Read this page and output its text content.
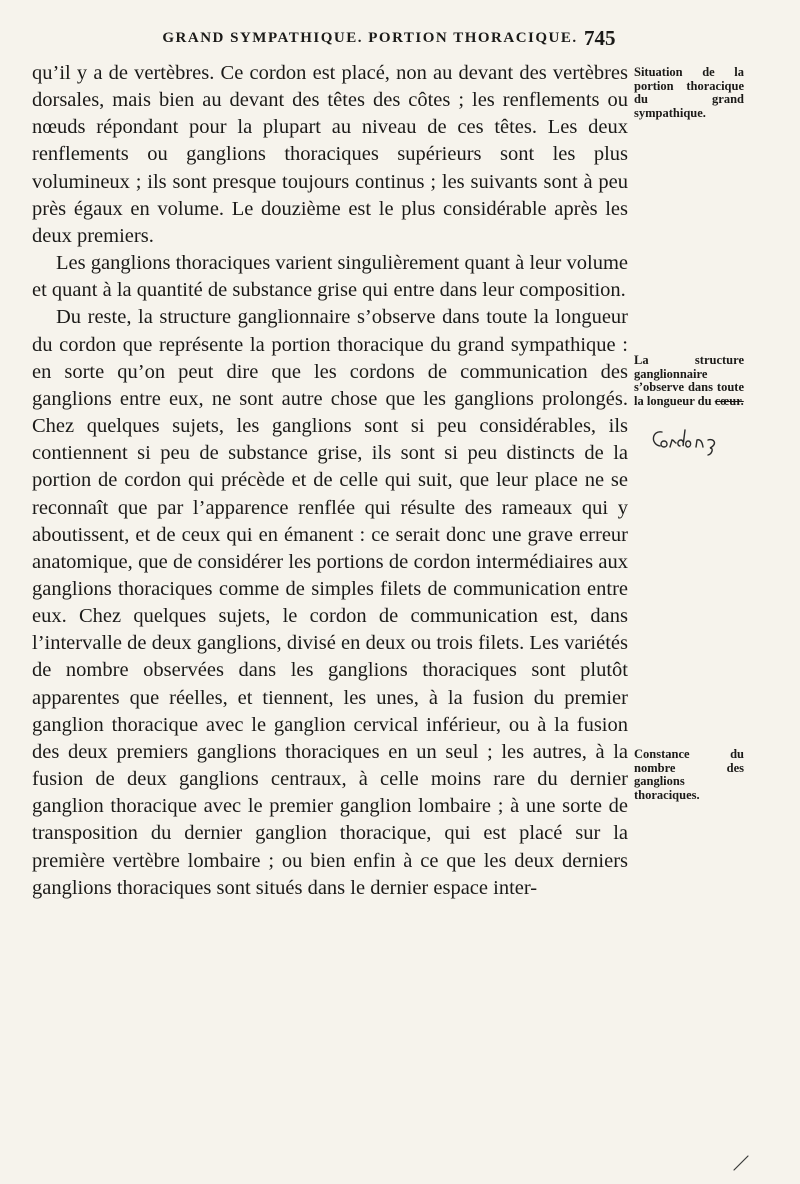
GRAND SYMPATHIQUE. PORTION THORACIQUE. 745

qu’il y a de vertèbres. Ce cordon est placé, non au devant des vertèbres dorsales, mais bien au devant des têtes des côtes ; les renflements ou nœuds répondant pour la plupart au niveau de ces têtes. Les deux renflements ou ganglions thoraciques supérieurs sont les plus volumineux ; ils sont presque toujours continus ; les suivants sont à peu près égaux en volume. Le douzième est le plus considérable après les deux premiers.

Les ganglions thoraciques varient singulièrement quant à leur volume et quant à la quantité de substance grise qui entre dans leur composition.

Du reste, la structure ganglionnaire s’observe dans toute la longueur du cordon que représente la portion thoracique du grand sympathique : en sorte qu’on peut dire que les cordons de communication des ganglions entre eux, ne sont autre chose que les ganglions prolongés. Chez quelques sujets, les ganglions sont si peu considérables, ils contiennent si peu de substance grise, ils sont si peu distincts de la portion de cordon qui précède et de celle qui suit, que leur place ne se reconnaît que par l’apparence renflée qui résulte des rameaux qui y aboutissent, et de ceux qui en émanent : ce serait donc une grave erreur anatomique, que de considérer les portions de cordon intermédiaires aux ganglions thoraciques comme de simples filets de communication entre eux. Chez quelques sujets, le cordon de communication est, dans l’intervalle de deux ganglions, divisé en deux ou trois filets. Les variétés de nombre observées dans les ganglions thoraciques sont plutôt apparentes que réelles, et tiennent, les unes, à la fusion du premier ganglion thoracique avec le ganglion cervical inférieur, ou à la fusion des deux premiers ganglions thoraciques en un seul ; les autres, à la fusion de deux ganglions centraux, à celle moins rare du dernier ganglion thoracique avec le premier ganglion lombaire ; à une sorte de transposition du dernier ganglion thoracique, qui est placé sur la première vertèbre lombaire ; ou bien enfin à ce que les deux derniers ganglions thoraciques sont situés dans le dernier espace inter-

Situation de la portion thoracique du grand sympathique.
La structure ganglionnaire s’observe dans toute la longueur du cœur.
Constance du nombre des ganglions thoraciques.
